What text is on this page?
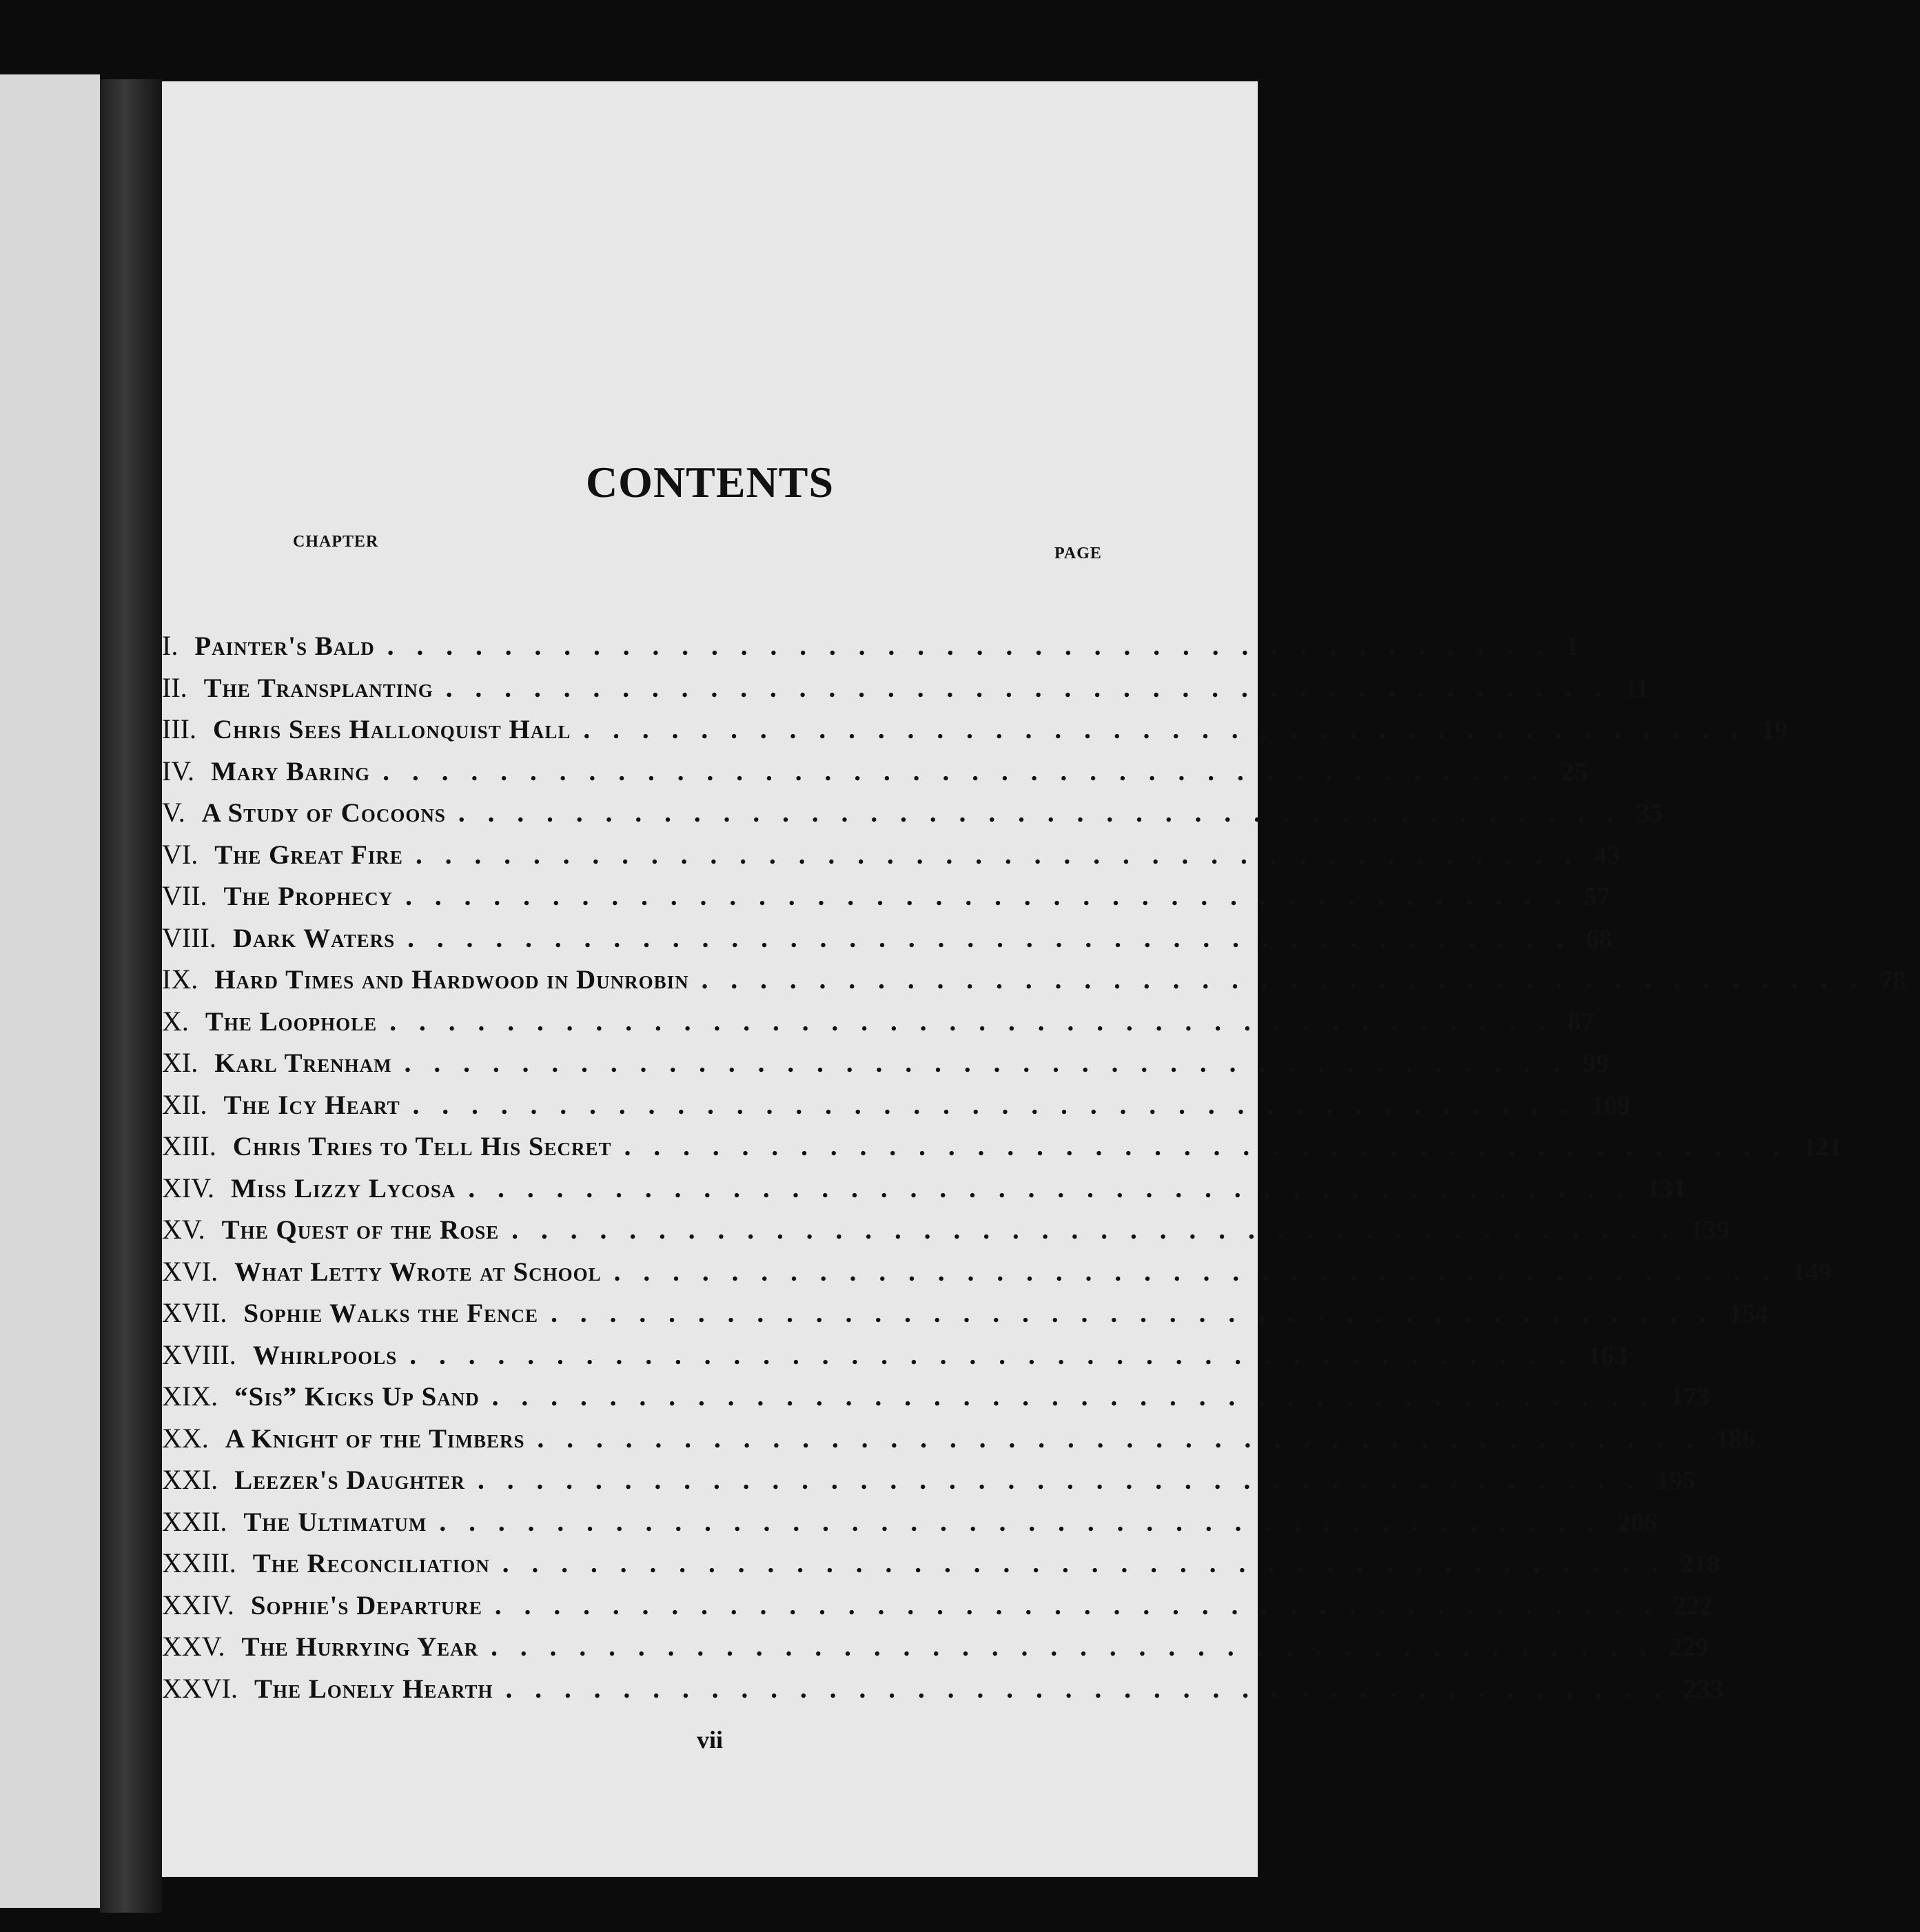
CONTENTS
CHAPTER
PAGE
I. Painter's Bald ........................................ 1
II. The Transplanting ........................................ 11
III. Chris Sees Hallonquist Hall ........................................ 19
IV. Mary Baring ........................................ 25
V. A Study of Cocoons ........................................ 35
VI. The Great Fire ........................................ 43
VII. The Prophecy ........................................ 57
VIII. Dark Waters ........................................ 68
IX. Hard Times and Hardwood in Dunrobin ........................................ 78
X. The Loophole ........................................ 87
XI. Karl Trenham ........................................ 99
XII. The Icy Heart ........................................ 109
XIII. Chris Tries to Tell His Secret ........................................ 121
XIV. Miss Lizzy Lycosa ........................................ 131
XV. The Quest of the Rose ........................................ 139
XVI. What Letty Wrote at School ........................................ 149
XVII. Sophie Walks the Fence ........................................ 154
XVIII. Whirlpools ........................................ 163
XIX. “Sis” Kicks Up Sand ........................................ 173
XX. A Knight of the Timbers ........................................ 186
XXI. Leezer's Daughter ........................................ 195
XXII. The Ultimatum ........................................ 206
XXIII. The Reconciliation ........................................ 218
XXIV. Sophie's Departure ........................................ 222
XXV. The Hurrying Year ........................................ 229
XXVI. The Lonely Hearth ........................................ 233
vii
